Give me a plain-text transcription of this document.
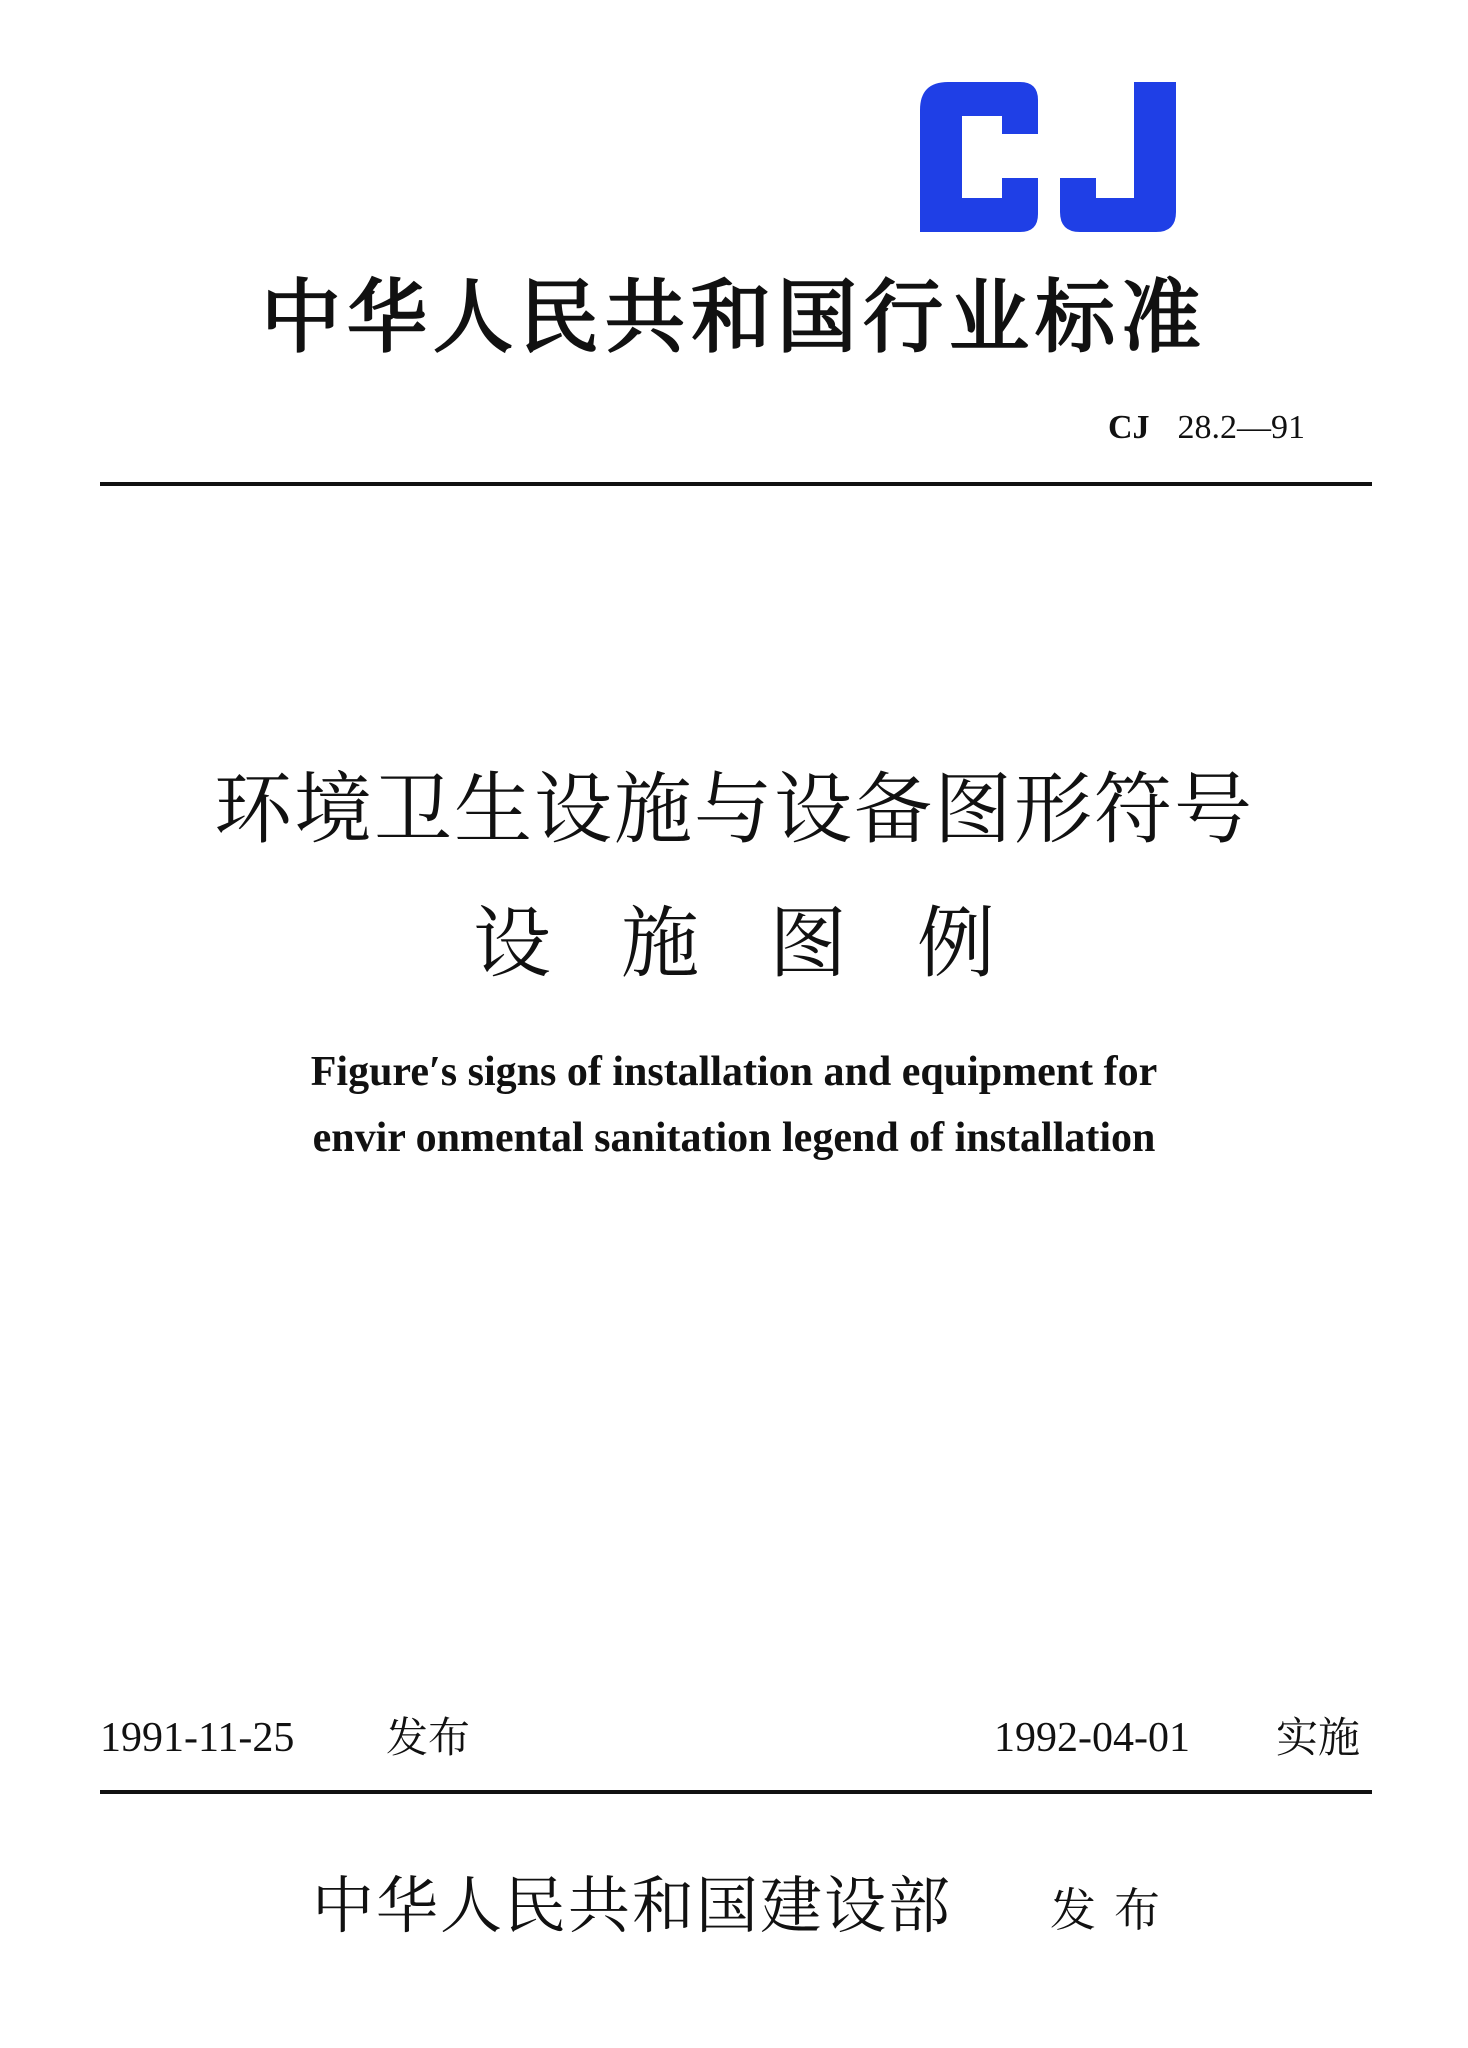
中华人民共和国行业标准
CJ 28.2—91
环境卫生设施与设备图形符号
设施图例
Figure′s signs of installation and equipment for
envir onmental sanitation legend of installation
1991-11-25 发布	1992-04-01 实施
中华人民共和国建设部 发布
